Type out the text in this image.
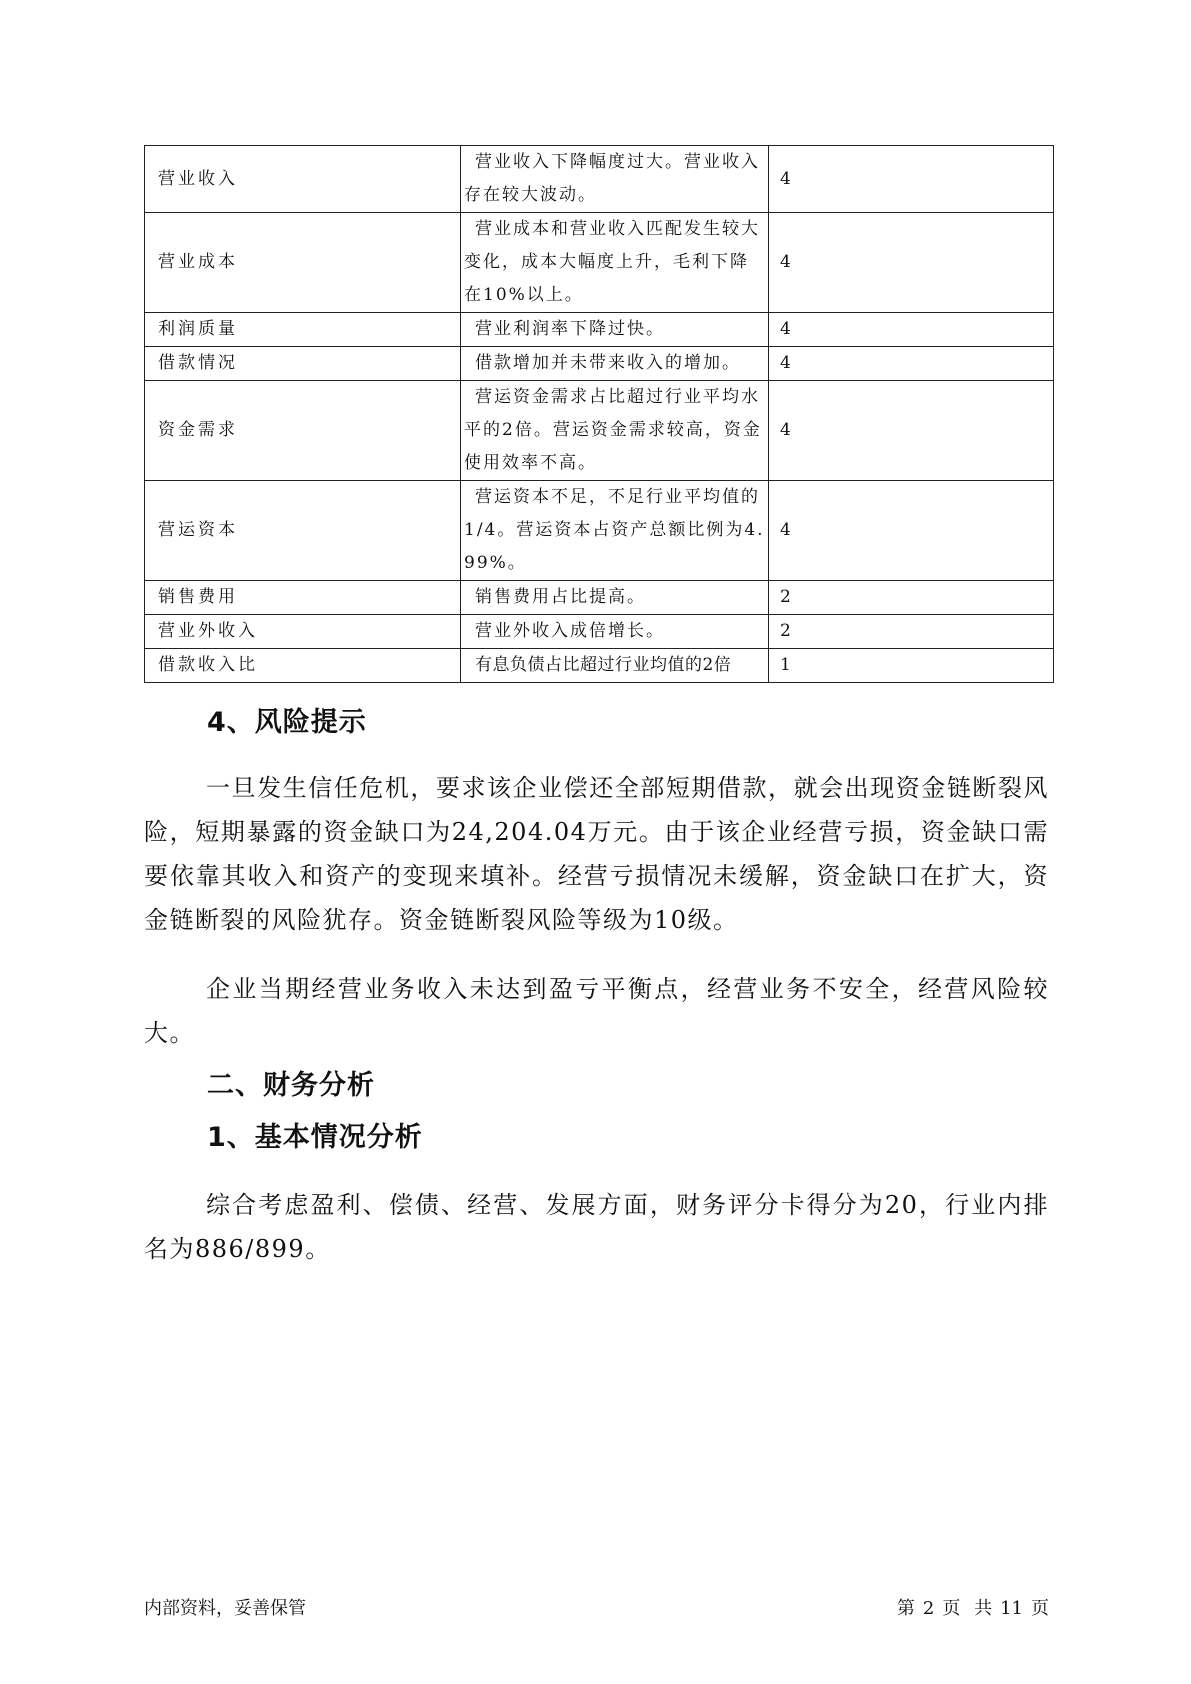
营业收入	营业收入下降幅度过大。营业收入存在较大波动。	4
营业成本	营业成本和营业收入匹配发生较大变化，成本大幅度上升，毛利下降在10%以上。	4
利润质量	营业利润率下降过快。	4
借款情况	借款增加并未带来收入的增加。	4
资金需求	营运资金需求占比超过行业平均水平的2倍。营运资金需求较高，资金使用效率不高。	4
营运资本	营运资本不足，不足行业平均值的1/4。营运资本占资产总额比例为4.99%。	4
销售费用	销售费用占比提高。	2
营业外收入	营业外收入成倍增长。	2
借款收入比	有息负债占比超过行业均值的2倍	1
4、风险提示

一旦发生信任危机，要求该企业偿还全部短期借款，就会出现资金链断裂风险，短期暴露的资金缺口为24,204.04万元。由于该企业经营亏损，资金缺口需要依靠其收入和资产的变现来填补。经营亏损情况未缓解，资金缺口在扩大，资金链断裂的风险犹存。资金链断裂风险等级为10级。

企业当期经营业务收入未达到盈亏平衡点，经营业务不安全，经营风险较大。

二、财务分析
1、基本情况分析

综合考虑盈利、偿债、经营、发展方面，财务评分卡得分为20，行业内排名为886/899。

内部资料，妥善保管	第 2 页 共 11 页
